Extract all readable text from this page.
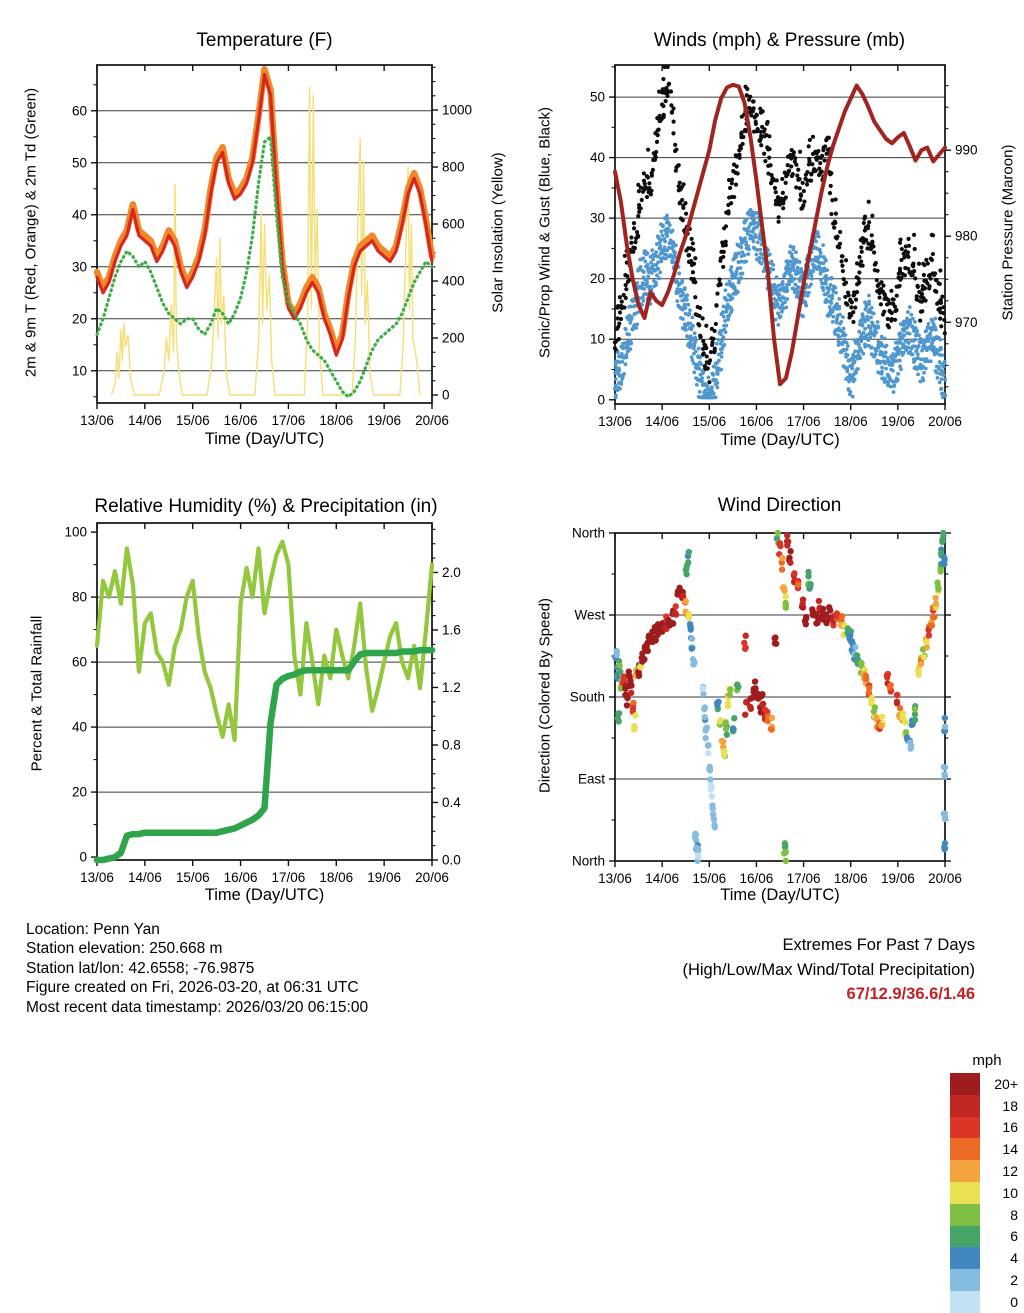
Temperature (F)
2m & 9m T (Red, Orange) & 2m Td (Green)	Solar Insolation (Yellow)
13/06 14/06 15/06 16/06 17/06 18/06 19/06 20/06
60
50
40
30
20
10
1000
800
600
400
200
0
Time (Day/UTC)
Winds (mph) & Pressure (mb)
Sonic/Prop Wind & Gust (Blue, Black)	Station Pressure (Maroon)
13/06 14/06 15/06 16/06 17/06 18/06 19/06 20/06
50
40
30
20
10
0
990
980
970
Time (Day/UTC)
Relative Humidity (%) & Precipitation (in)
Percent & Total Rainfall
13/06 14/06 15/06 16/06 17/06 18/06 19/06 20/06
100
80
60
40
20
0
2.0
1.6
1.2
0.8
0.4
0.0
Time (Day/UTC)
Wind Direction
Direction (Colored By Speed)
13/06 14/06 15/06 16/06 17/06 18/06 19/06 20/06
North
West
South
East
North
Time (Day/UTC)
mph
20+
18
16
14
12
10
8
6
4
2
0
Extremes For Past 7 Days
(High/Low/Max Wind/Total Precipitation)
67/12.9/36.6/1.46
Location: Penn Yan
Station elevation: 250.668 m
Station lat/lon: 42.6558; -76.9875
Figure created on Fri, 2026-03-20, at 06:31 UTC
Most recent data timestamp: 2026/03/20 06:15:00
